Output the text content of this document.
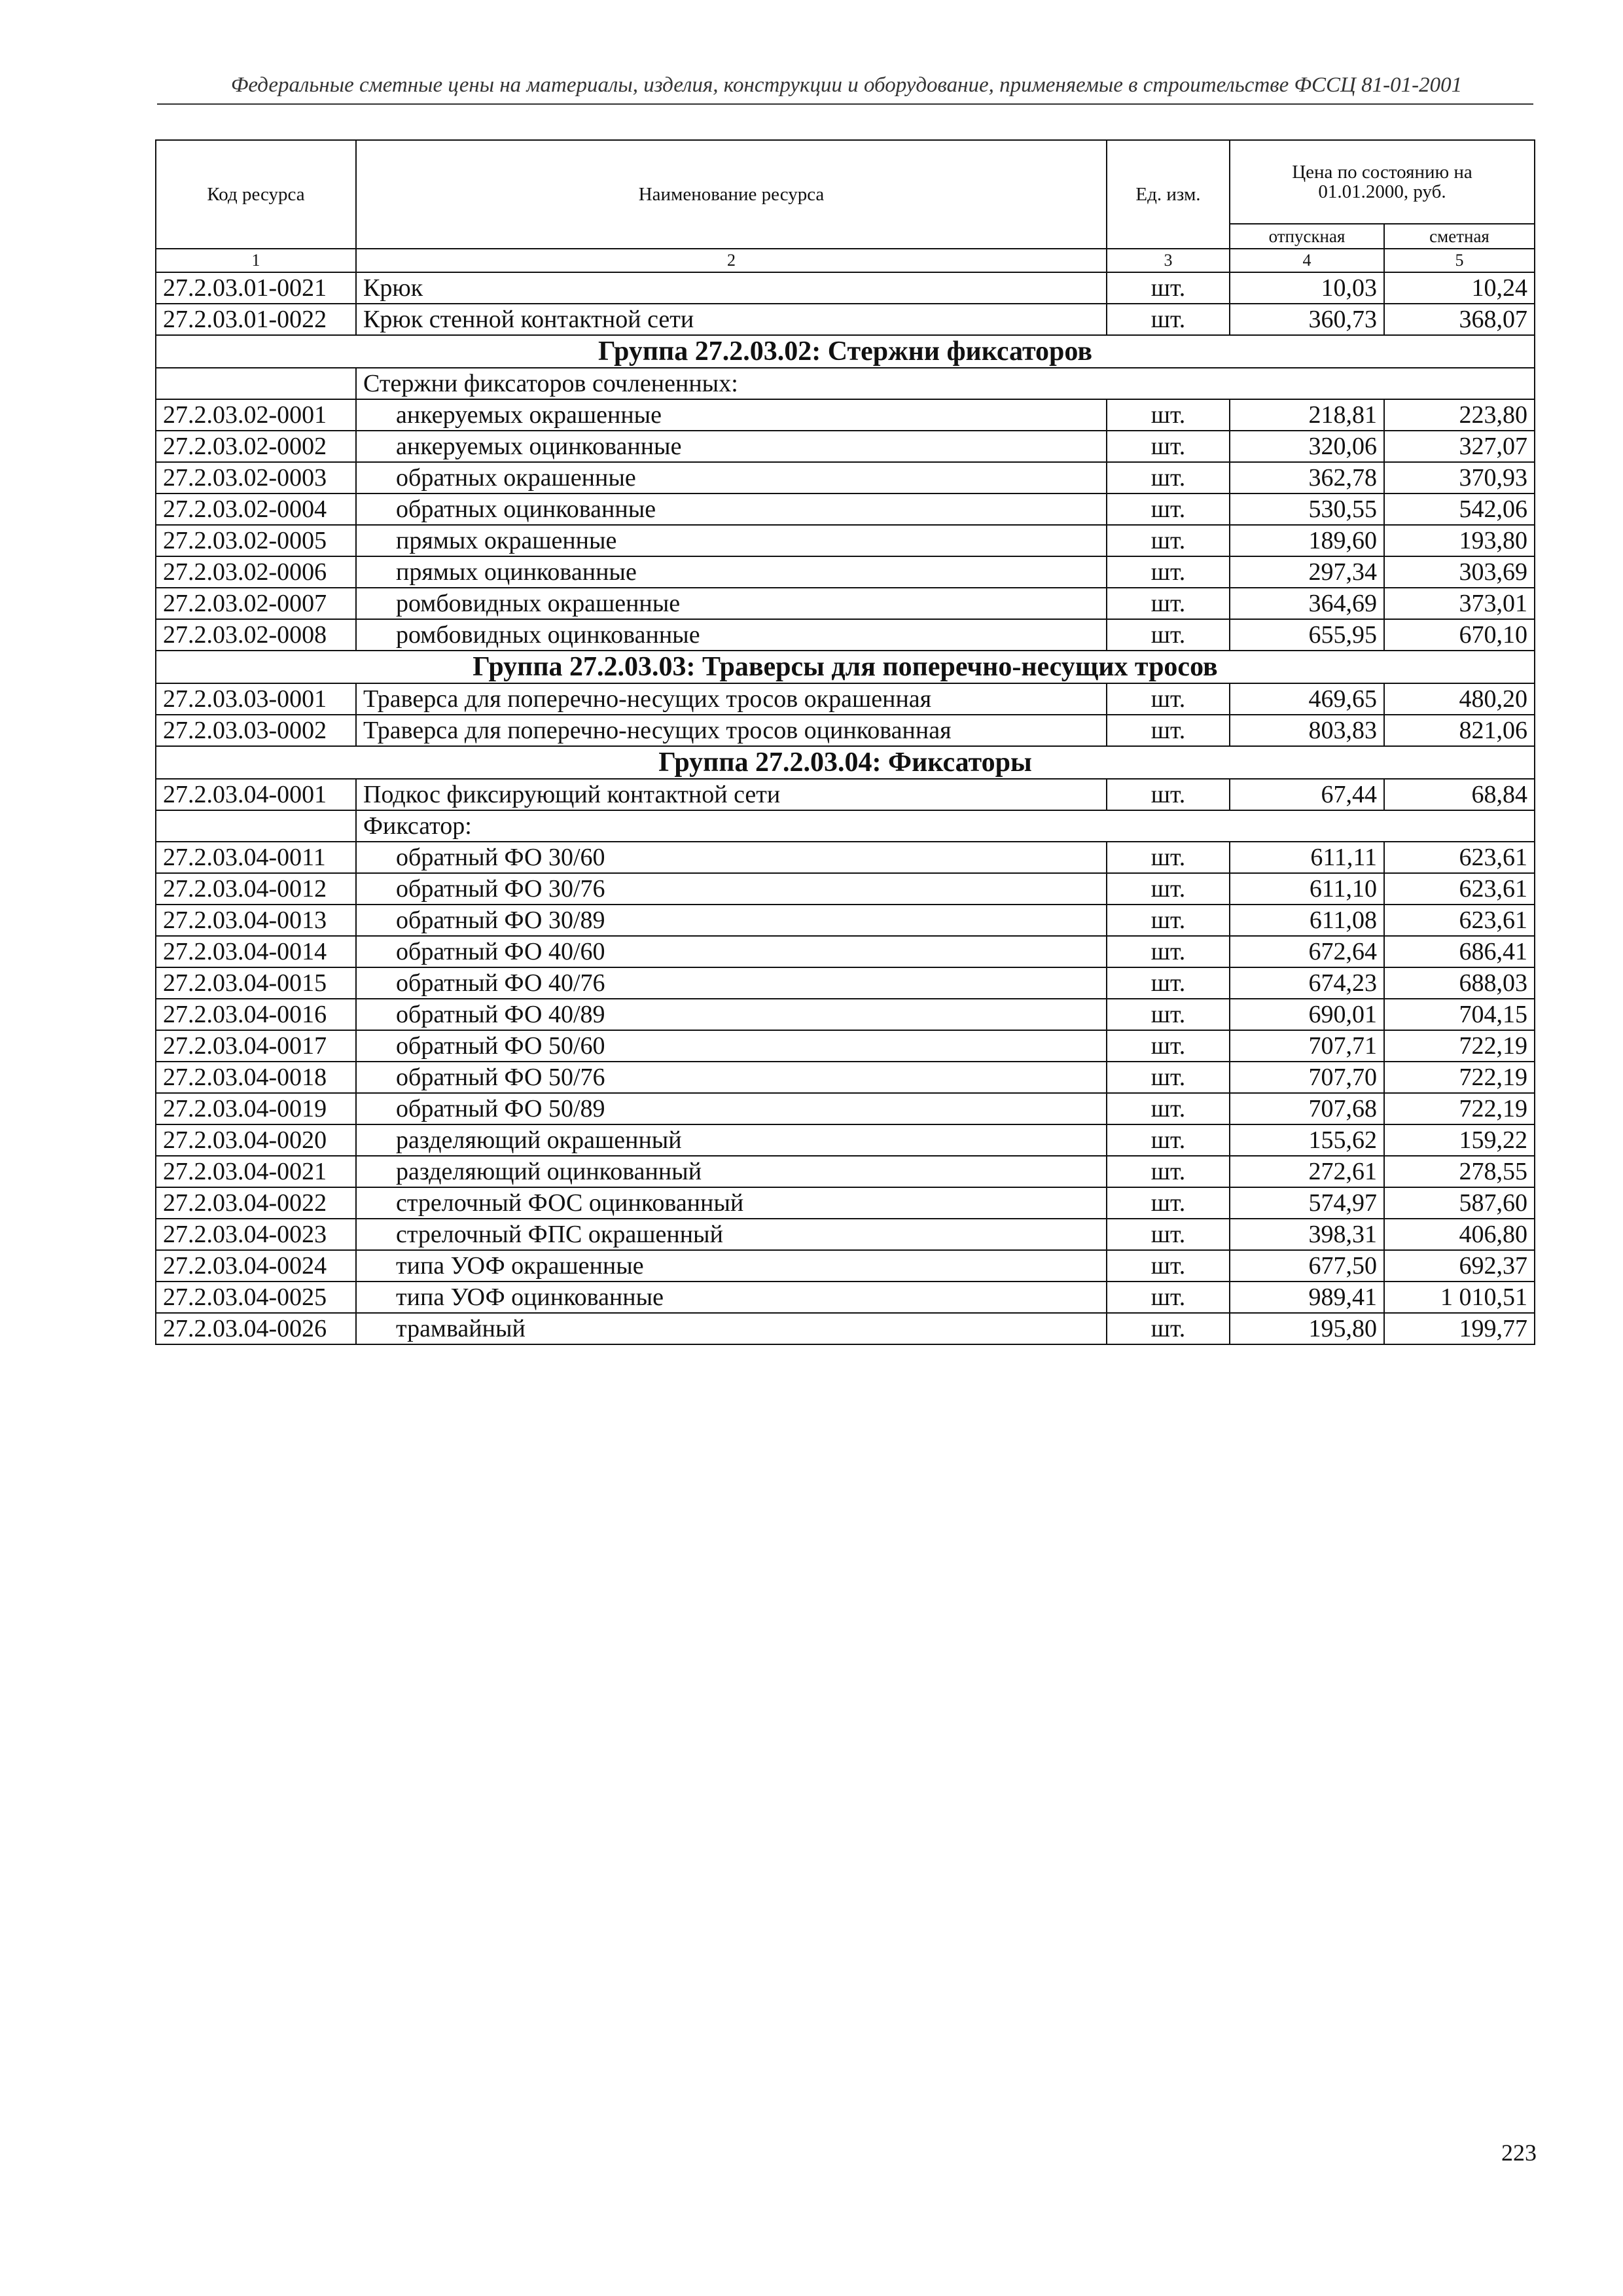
Федеральные сметные цены на материалы, изделия, конструкции и оборудование, применяемые в строительстве ФССЦ 81-01-2001
Код ресурса	Наименование ресурса	Ед. изм.	Цена по состоянию на 01.01.2000, руб.	
			отпускная	сметная
1	2	3	4	5
27.2.03.01-0021	Крюк	шт.	10,03	10,24
27.2.03.01-0022	Крюк стенной контактной сети	шт.	360,73	368,07
Группа 27.2.03.02: Стержни фиксаторов				
	Стержни фиксаторов сочлененных:			
27.2.03.02-0001	анкеруемых окрашенные	шт.	218,81	223,80
27.2.03.02-0002	анкеруемых оцинкованные	шт.	320,06	327,07
27.2.03.02-0003	обратных окрашенные	шт.	362,78	370,93
27.2.03.02-0004	обратных оцинкованные	шт.	530,55	542,06
27.2.03.02-0005	прямых окрашенные	шт.	189,60	193,80
27.2.03.02-0006	прямых оцинкованные	шт.	297,34	303,69
27.2.03.02-0007	ромбовидных окрашенные	шт.	364,69	373,01
27.2.03.02-0008	ромбовидных оцинкованные	шт.	655,95	670,10
Группа 27.2.03.03: Траверсы для поперечно-несущих тросов				
27.2.03.03-0001	Траверса для поперечно-несущих тросов окрашенная	шт.	469,65	480,20
27.2.03.03-0002	Траверса для поперечно-несущих тросов оцинкованная	шт.	803,83	821,06
Группа 27.2.03.04: Фиксаторы				
27.2.03.04-0001	Подкос фиксирующий контактной сети	шт.	67,44	68,84
	Фиксатор:			
27.2.03.04-0011	обратный ФО 30/60	шт.	611,11	623,61
27.2.03.04-0012	обратный ФО 30/76	шт.	611,10	623,61
27.2.03.04-0013	обратный ФО 30/89	шт.	611,08	623,61
27.2.03.04-0014	обратный ФО 40/60	шт.	672,64	686,41
27.2.03.04-0015	обратный ФО 40/76	шт.	674,23	688,03
27.2.03.04-0016	обратный ФО 40/89	шт.	690,01	704,15
27.2.03.04-0017	обратный ФО 50/60	шт.	707,71	722,19
27.2.03.04-0018	обратный ФО 50/76	шт.	707,70	722,19
27.2.03.04-0019	обратный ФО 50/89	шт.	707,68	722,19
27.2.03.04-0020	разделяющий окрашенный	шт.	155,62	159,22
27.2.03.04-0021	разделяющий оцинкованный	шт.	272,61	278,55
27.2.03.04-0022	стрелочный ФОС оцинкованный	шт.	574,97	587,60
27.2.03.04-0023	стрелочный ФПС окрашенный	шт.	398,31	406,80
27.2.03.04-0024	типа УОФ окрашенные	шт.	677,50	692,37
27.2.03.04-0025	типа УОФ оцинкованные	шт.	989,41	1 010,51
27.2.03.04-0026	трамвайный	шт.	195,80	199,77
223
